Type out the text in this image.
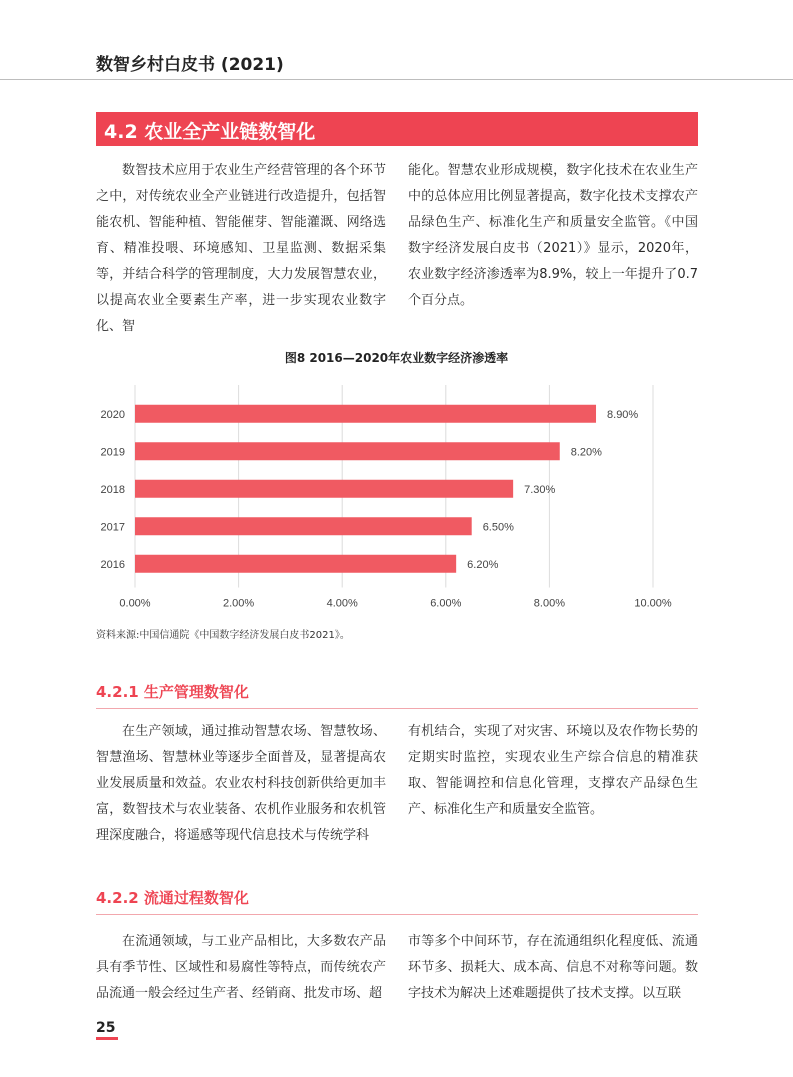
数智乡村白皮书 (2021)
4.2 农业全产业链数智化

数智技术应用于农业生产经营管理的各个环节之中，对传统农业全产业链进行改造提升，包括智能农机、智能种植、智能催芽、智能灌溉、网络选育、精准投喂、环境感知、卫星监测、数据采集等，并结合科学的管理制度，大力发展智慧农业，以提高农业全要素生产率，进一步实现农业数字化、智

能化。智慧农业形成规模，数字化技术在农业生产中的总体应用比例显著提高，数字化技术支撑农产品绿色生产、标准化生产和质量安全监管。《中国数字经济发展白皮书（2021）》显示，2020年，农业数字经济渗透率为8.9%，较上一年提升了0.7个百分点。

图8 2016—2020年农业数字经济渗透率
0.00%	2.00%	4.00%	6.00%	8.00%	10.00%
2020	8.90%
2019	8.20%
2018	7.30%
2017	6.50%
2016	6.20%
资料来源:中国信通院《中国数字经济发展白皮书2021》。
4.2.1 生产管理数智化

在生产领域，通过推动智慧农场、智慧牧场、智慧渔场、智慧林业等逐步全面普及，显著提高农业发展质量和效益。农业农村科技创新供给更加丰富，数智技术与农业装备、农机作业服务和农机管理深度融合，将遥感等现代信息技术与传统学科

有机结合，实现了对灾害、环境以及农作物长势的定期实时监控，实现农业生产综合信息的精准获取、智能调控和信息化管理，支撑农产品绿色生产、标准化生产和质量安全监管。

4.2.2 流通过程数智化

在流通领域，与工业产品相比，大多数农产品具有季节性、区域性和易腐性等特点，而传统农产品流通一般会经过生产者、经销商、批发市场、超

市等多个中间环节，存在流通组织化程度低、流通环节多、损耗大、成本高、信息不对称等问题。数字技术为解决上述难题提供了技术支撑。以互联

25
